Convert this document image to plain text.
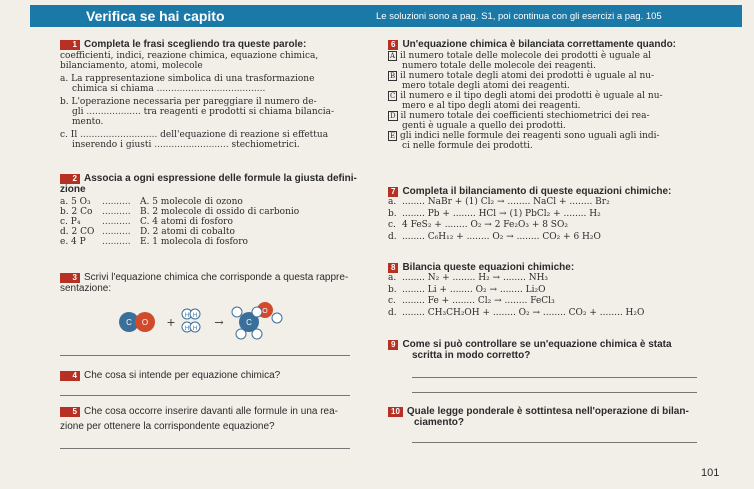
Verifica se hai capito	Le soluzioni sono a pag. S1, poi continua con gli esercizi a pag. 105
1 Completa le frasi scegliendo tra queste parole:
coefficienti, indici, reazione chimica, equazione chimica, bilanciamento, atomi, molecole
a. La rappresentazione simbolica di una trasformazione
chimica si chiama ......................................
b. L'operazione necessaria per pareggiare il numero de-
gli ................... tra reagenti e prodotti si chiama bilancia-
mento.
c. Il ........................... dell'equazione di reazione si effettua
inserendo i giusti .......................... stechiometrici.
2 Associa a ogni espressione delle formule la giusta defini-
zione
a. 5 O₃	..........	A. 5 molecole di ozono
b. 2 Co	..........	B. 2 molecole di ossido di carbonio
c. P₄	..........	C. 4 atomi di fosforo
d. 2 CO ..........	D. 2 atomi di cobalto
e. 4 P	..........	E. 1 molecola di fosforo
3 Scrivi l'equazione chimica che corrisponde a questa rappre-
sentazione:
C O + H H
H H →	C
O
4 Che cosa si intende per equazione chimica?
5 Che cosa occorre inserire davanti alle formule in una rea-
zione per ottenere la corrispondente equazione?
6 Un'equazione chimica è bilanciata correttamente quando:
A il numero totale delle molecole dei prodotti è uguale al
numero totale delle molecole dei reagenti.
B il numero totale degli atomi dei prodotti è uguale al nu-
mero totale degli atomi dei reagenti.
C il numero e il tipo degli atomi dei prodotti è uguale al nu-
mero e al tipo degli atomi dei reagenti.
D il numero totale dei coefficienti stechiometrici dei rea-
genti è uguale a quello dei prodotti.
E gli indici nelle formule dei reagenti sono uguali agli indi-
ci nelle formule dei prodotti.
7 Completa il bilanciamento di queste equazioni chimiche:
a. ........ NaBr + (1) Cl₂ → ........ NaCl + ........ Br₂
b. ........ Pb + ........ HCl → (1) PbCl₂ + ........ H₂
c. 4 FeS₂ + ........ O₂ → 2 Fe₂O₃ + 8 SO₂
d. ........ C₆H₁₂ + ........ O₂ → ........ CO₂ + 6 H₂O
8 Bilancia queste equazioni chimiche:
a. ........ N₂ + ........ H₂ → ........ NH₃
b. ........ Li + ........ O₂ → ........ Li₂O
c. ........ Fe + ........ Cl₂ → ........ FeCl₃
d. ........ CH₃CH₂OH + ........ O₂ → ........ CO₂ + ........ H₂O
9 Come si può controllare se un'equazione chimica è stata
scritta in modo corretto?
10 Quale legge ponderale è sottintesa nell'operazione di bilan-
ciamento?
101
